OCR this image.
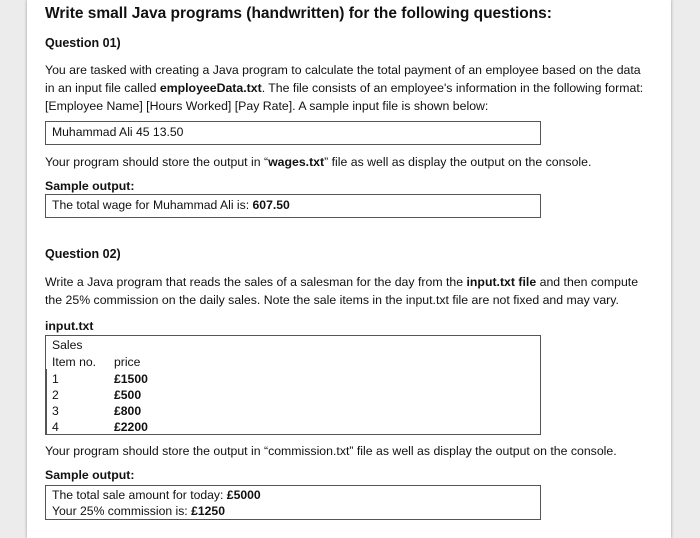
Write small Java programs (handwritten) for the following questions:
Question 01)
You are tasked with creating a Java program to calculate the total payment of an employee based on the data
in an input file called employeeData.txt. The file consists of an employee's information in the following format:
[Employee Name] [Hours Worked] [Pay Rate]. A sample input file is shown below:
Muhammad Ali 45 13.50
Your program should store the output in “wages.txt” file as well as display the output on the console.
Sample output:
The total wage for Muhammad Ali is: 607.50
Question 02)
Write a Java program that reads the sales of a salesman for the day from the input.txt file and then compute
the 25% commission on the daily sales. Note the sale items in the input.txt file are not fixed and may vary.
input.txt
Sales
Item no. price
1	£1500
2	£500
3	£800
4	£2200
Your program should store the output in “commission.txt” file as well as display the output on the console.
Sample output:
The total sale amount for today: £5000
Your 25% commission is: £1250
